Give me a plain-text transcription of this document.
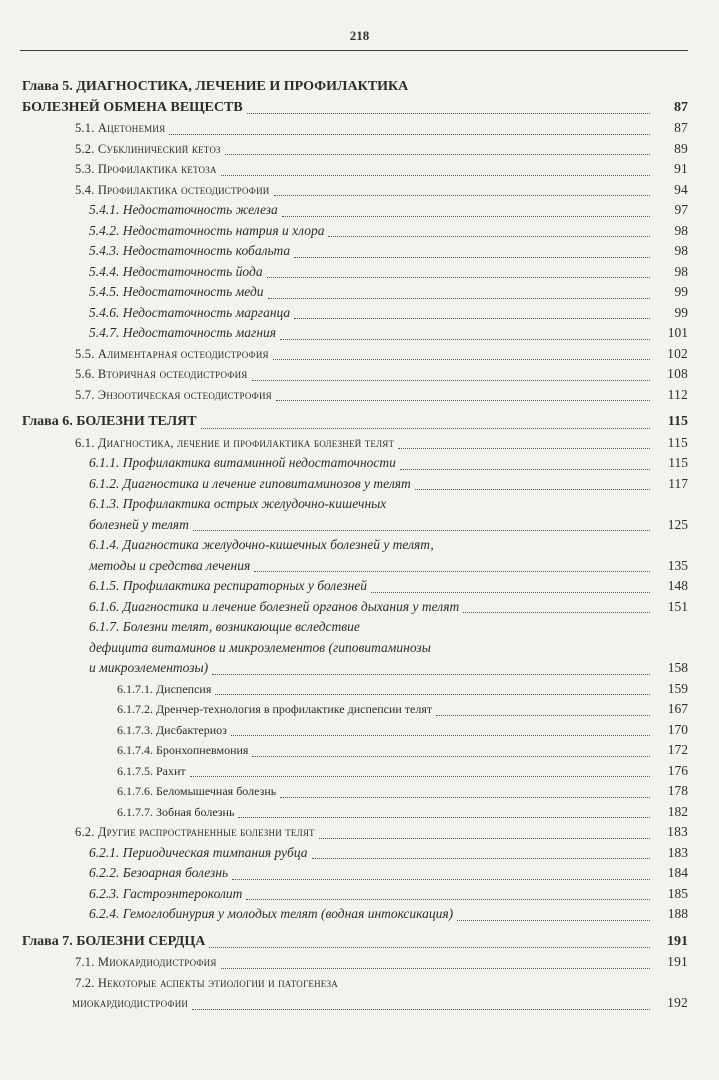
218
Глава 5. ДИАГНОСТИКА, ЛЕЧЕНИЕ И ПРОФИЛАКТИКА
БОЛЕЗНЕЙ ОБМЕНА ВЕЩЕСТВ	87
5.1. Ацетонемия	87
5.2. Субклинический кетоз	89
5.3. Профилактика кетоза	91
5.4. Профилактика остеодистрофии	94
5.4.1. Недостаточность железа	97
5.4.2. Недостаточность натрия и хлора	98
5.4.3. Недостаточность кобальта	98
5.4.4. Недостаточность йода	98
5.4.5. Недостаточность меди	99
5.4.6. Недостаточность марганца	99
5.4.7. Недостаточность магния	101
5.5. Алиментарная остеодистрофия	102
5.6. Вторичная остеодистрофия	108
5.7. Энзоотическая остеодистрофия	112
Глава 6. БОЛЕЗНИ ТЕЛЯТ	115
6.1. Диагностика, лечение и профилактика болезней телят	115
6.1.1. Профилактика витаминной недостаточности	115
6.1.2. Диагностика и лечение гиповитаминозов у телят	117
6.1.3. Профилактика острых желудочно-кишечных
болезней у телят	125
6.1.4. Диагностика желудочно-кишечных болезней у телят,
методы и средства лечения	135
6.1.5. Профилактика респираторных у болезней	148
6.1.6. Диагностика и лечение болезней органов дыхания у телят	151
6.1.7. Болезни телят, возникающие вследствие
дефицита витаминов и микроэлементов (гиповитаминозы
и микроэлементозы)	158
6.1.7.1. Диспепсия	159
6.1.7.2. Дренчер-технология в профилактике диспепсии телят	167
6.1.7.3. Дисбактериоз	170
6.1.7.4. Бронхопневмония	172
6.1.7.5. Рахит	176
6.1.7.6. Беломышечная болезнь	178
6.1.7.7. Зобная болезнь	182
6.2. Другие распространенные болезни телят	183
6.2.1. Периодическая тимпания рубца	183
6.2.2. Безоарная болезнь	184
6.2.3. Гастроэнтероколит	185
6.2.4. Гемоглобинурия у молодых телят (водная интоксикация)	188
Глава 7. БОЛЕЗНИ СЕРДЦА	191
7.1. Миокардиодистрофия	191
7.2. Некоторые аспекты этиологии и патогенеза
миокардиодистрофии	192
